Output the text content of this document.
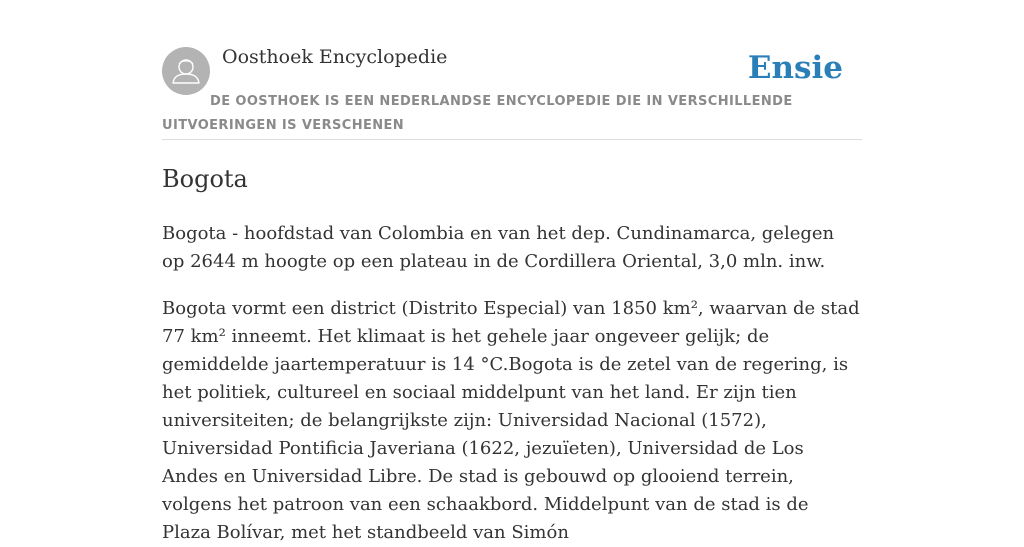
Oosthoek Encyclopedie	Ensie
DE OOSTHOEK IS EEN NEDERLANDSE ENCYCLOPEDIE DIE IN VERSCHILLENDE UITVOERINGEN IS VERSCHENEN
Bogota

Bogota - hoofdstad van Colombia en van het dep. Cundinamarca, gelegen op 2644 m hoogte op een plateau in de Cordillera Oriental, 3,0 mln. inw.

Bogota vormt een district (Distrito Especial) van 1850 km², waarvan de stad 77 km² inneemt. Het klimaat is het gehele jaar ongeveer gelijk; de gemiddelde jaartemperatuur is 14 °C.Bogota is de zetel van de regering, is het politiek, cultureel en sociaal middelpunt van het land. Er zijn tien universiteiten; de belangrijkste zijn: Universidad Nacional (1572), Universidad Pontificia Javeriana (1622, jezuïeten), Universidad de Los Andes en Universidad Libre. De stad is gebouwd op glooiend terrein, volgens het patroon van een schaakbord. Middelpunt van de stad is de Plaza Bolívar, met het standbeeld van Simón
